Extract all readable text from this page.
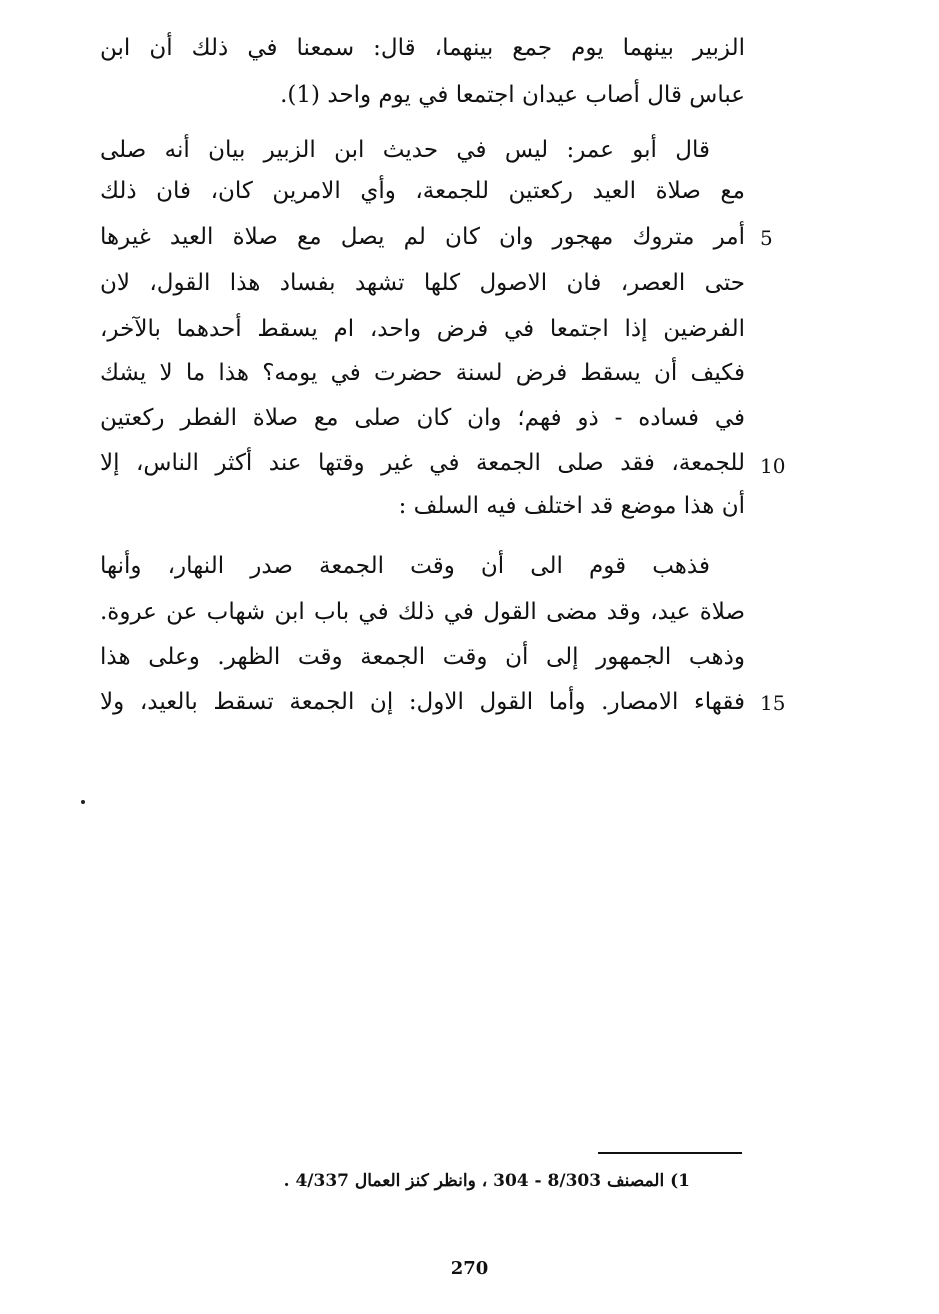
الزبير بينهما يوم جمع بينهما، قال: سمعنا في ذلك أن ابن
عباس قال أصاب عيدان اجتمعا في يوم واحد (1).
قال أبو عمر: ليس في حديث ابن الزبير بيان أنه صلى
مع صلاة العيد ركعتين للجمعة، وأي الامرين كان، فان ذلك
أمر متروك مهجور وان كان لم يصل مع صلاة العيد غيرها
حتى العصر، فان الاصول كلها تشهد بفساد هذا القول، لان
الفرضين إذا اجتمعا في فرض واحد، ام يسقط أحدهما بالآخر،
فكيف أن يسقط فرض لسنة حضرت في يومه؟ هذا ما لا يشك
في فساده - ذو فهم؛ وان كان صلى مع صلاة الفطر ركعتين
للجمعة، فقد صلى الجمعة في غير وقتها عند أكثر الناس، إلا
أن هذا موضع قد اختلف فيه السلف :
فذهب قوم الى أن وقت الجمعة صدر النهار، وأنها
صلاة عيد، وقد مضى القول في ذلك في باب ابن شهاب عن عروة.
وذهب الجمهور إلى أن وقت الجمعة وقت الظهر. وعلى هذا
فقهاء الامصار. وأما القول الاول: إن الجمعة تسقط بالعيد، ولا
5
10
15
1) المصنف 8/303 - 304 ، وانظر كنز العمال 4/337 .
270
